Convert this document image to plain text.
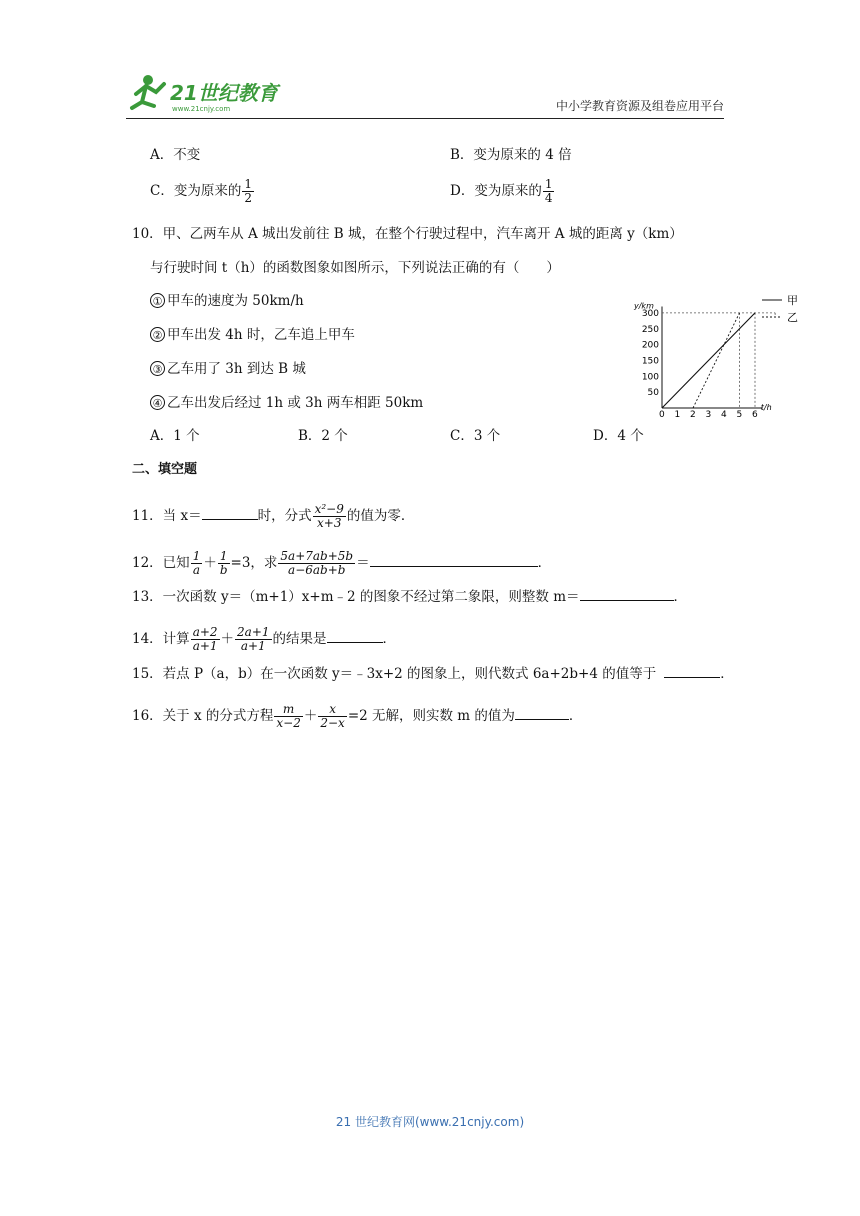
21世纪教育
www.21cnjy.com	中小学教育资源及组卷应用平台
A．不变	B．变为原来的 4 倍
C．变为原来的 $\frac{1}{2}$	D．变为原来的 $\frac{1}{4}$
10．甲、乙两车从 A 城出发前往 B 城，在整个行驶过程中，汽车离开 A 城的距离 y（km）
与行驶时间 t（h）的函数图象如图所示，下列说法正确的有（　　）
① 甲车的速度为 50km/h
② 甲车出发 4h 时，乙车追上甲车
③ 乙车用了 3h 到达 B 城
④ 乙车出发后经过 1h 或 3h 两车相距 50km
A．1 个	B．2 个	C．3 个	D．4 个
t/h
y/km
0 1 2 3 4 5 6
50
100
150
200
250
300
甲
乙
二、填空题
11．当 x＝	时，分式 $\frac{\text{x²−9}}{x+3}$ 的值为零．
12．已知 $\frac{1}{a} + \frac{1}{b} =3$，求 $\frac{5a+7ab+5b}{a-6ab+b}$ ＝	．
13．一次函数 y＝（m+1）x+m﹣2 的图象不经过第二象限，则整数 m＝	．
14．计算 $\frac{a+2}{a+1} + \frac{2a+1}{a+1}$ 的结果是	．
15．若点 P（a，b）在一次函数 y＝﹣3x+2 的图象上，则代数式 6a+2b+4 的值等于	．
16．关于 x 的分式方程 $\frac{m}{x-2} + \frac{x}{2-x} =2$ 无解，则实数 m 的值为	．
21 世纪教育网(www.21cnjy.com)
